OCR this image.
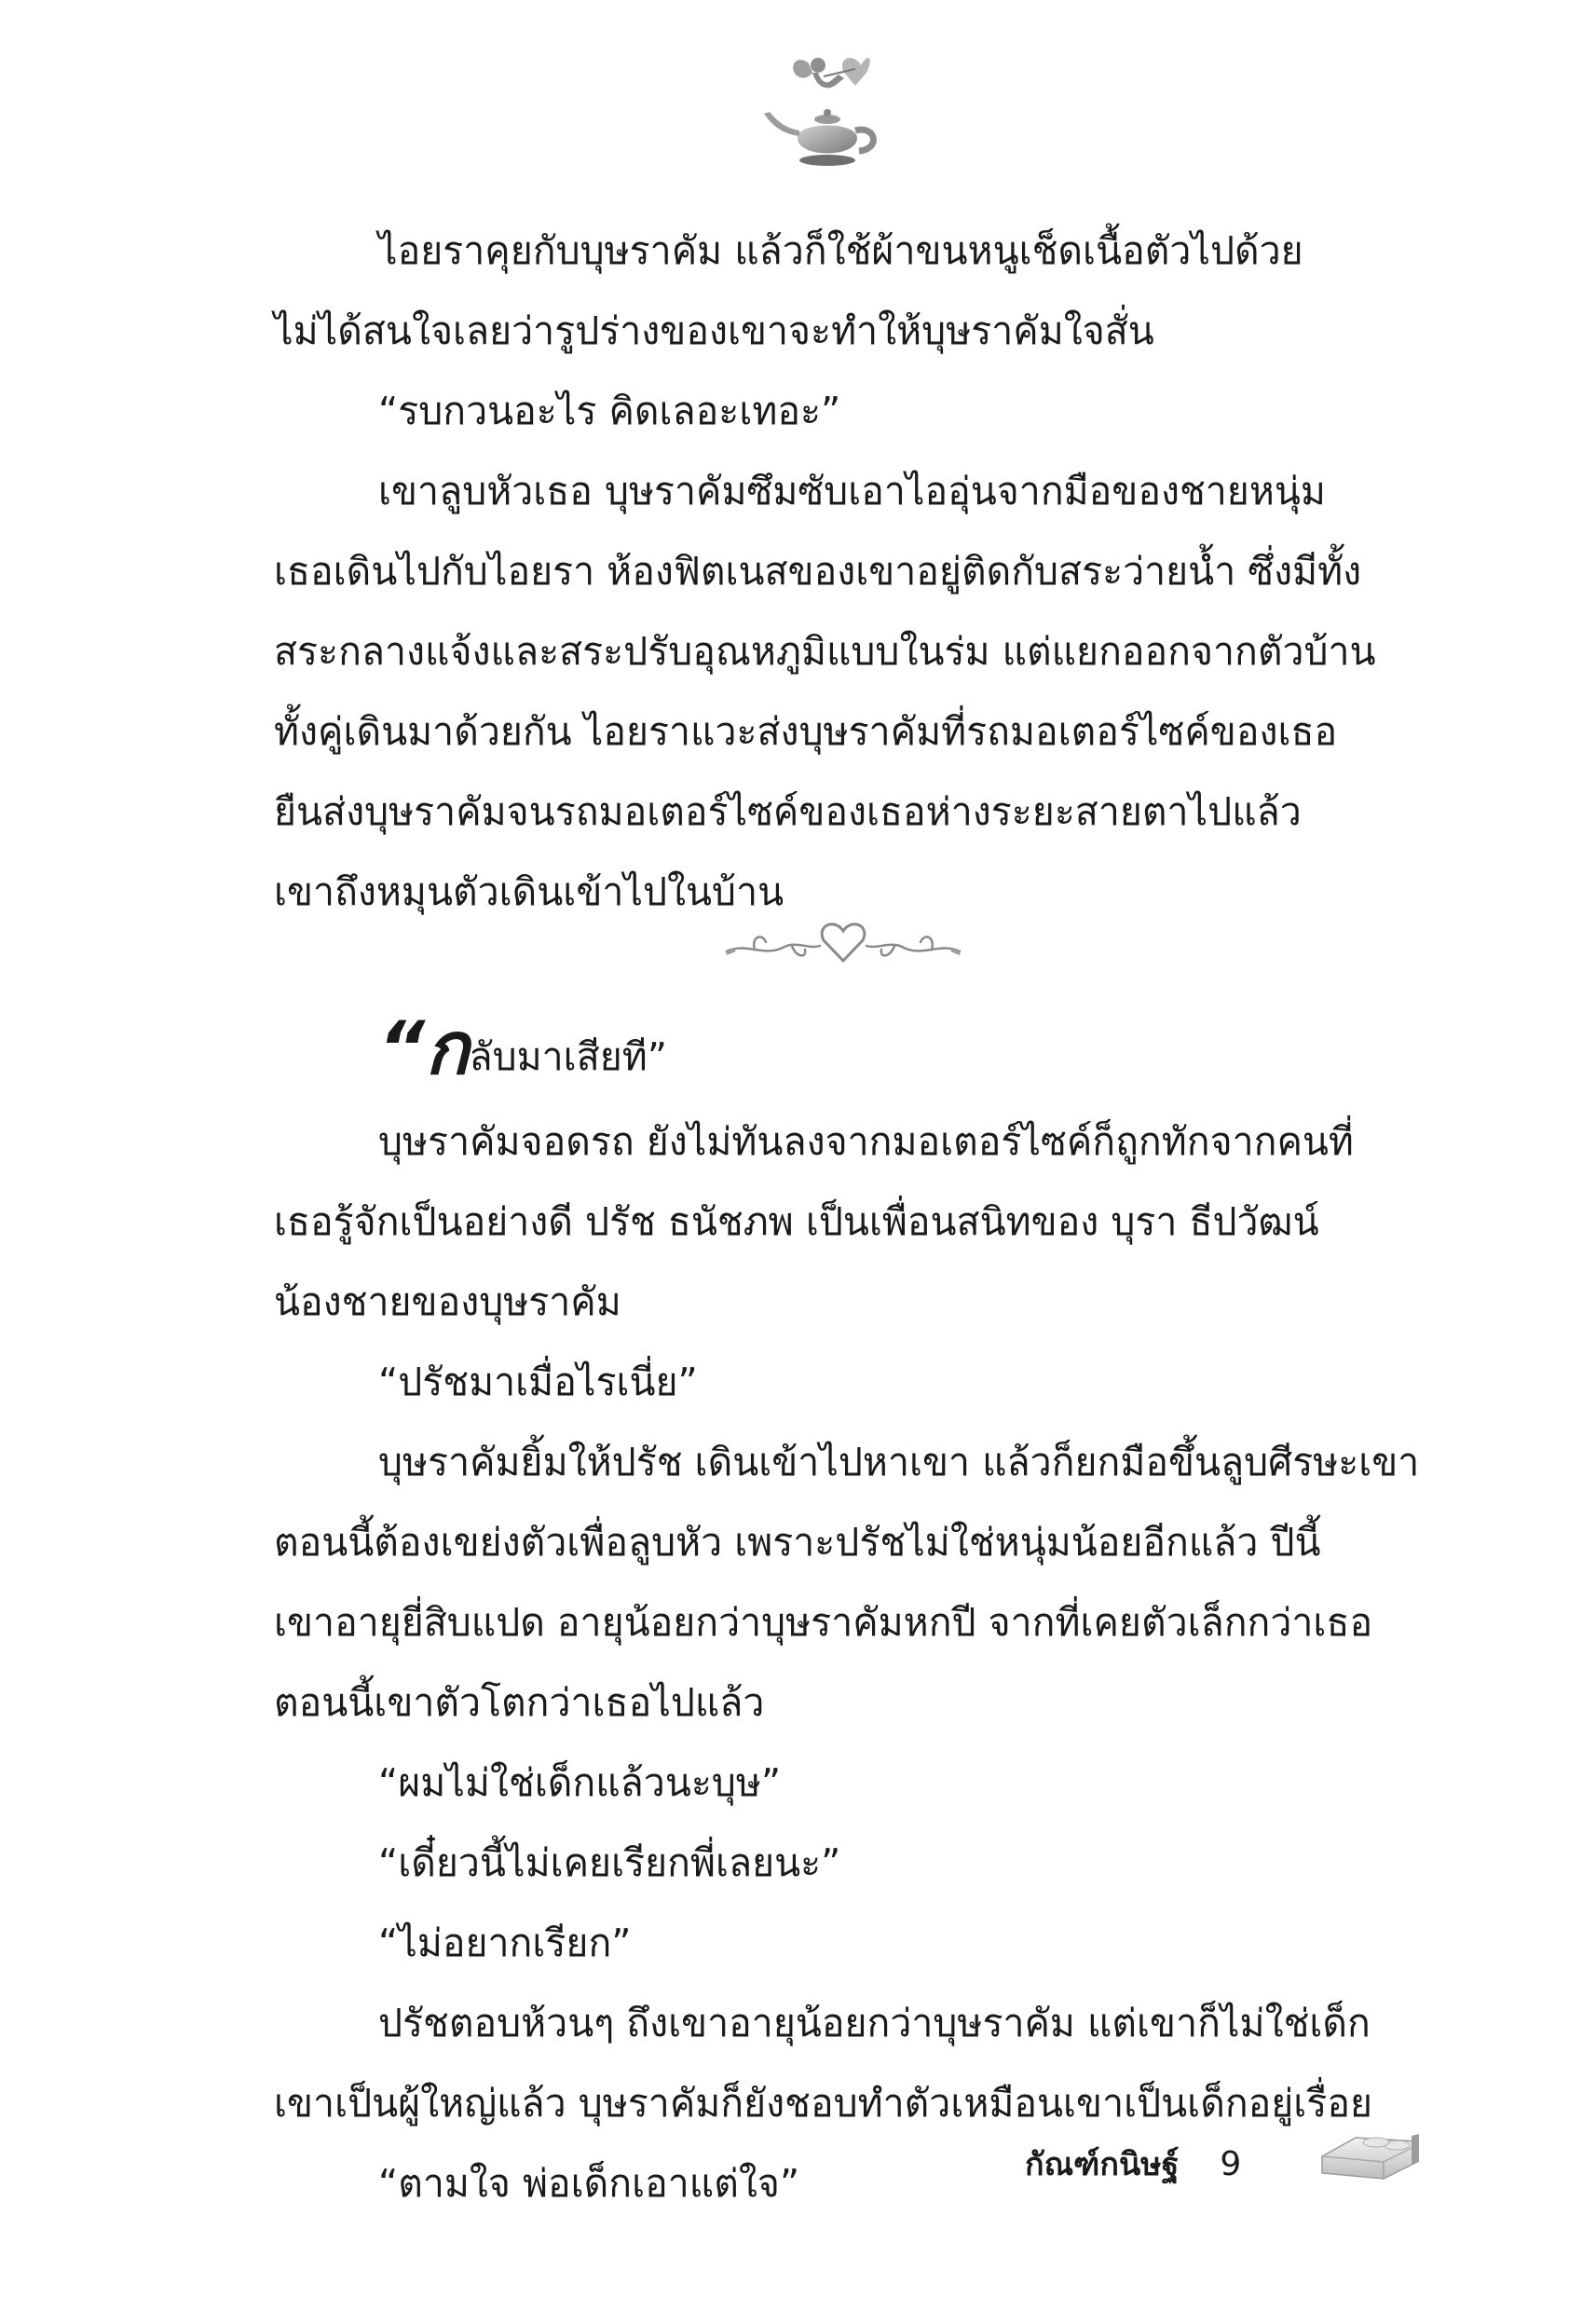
ไอยราคุยกับบุษราคัม แล้วก็ใช้ผ้าขนหนูเช็ดเนื้อตัวไปด้วย

ไม่ได้สนใจเลยว่ารูปร่างของเขาจะทำให้บุษราคัมใจสั่น

“รบกวนอะไร คิดเลอะเทอะ”

เขาลูบหัวเธอ บุษราคัมซึมซับเอาไออุ่นจากมือของชายหนุ่ม

เธอเดินไปกับไอยรา ห้องฟิตเนสของเขาอยู่ติดกับสระว่ายน้ำ ซึ่งมีทั้ง

สระกลางแจ้งและสระปรับอุณหภูมิแบบในร่ม แต่แยกออกจากตัวบ้าน

ทั้งคู่เดินมาด้วยกัน ไอยราแวะส่งบุษราคัมที่รถมอเตอร์ไซค์ของเธอ

ยืนส่งบุษราคัมจนรถมอเตอร์ไซค์ของเธอห่างระยะสายตาไปแล้ว

เขาถึงหมุนตัวเดินเข้าไปในบ้าน

“กลับมาเสียที”

บุษราคัมจอดรถ ยังไม่ทันลงจากมอเตอร์ไซค์ก็ถูกทักจากคนที่

เธอรู้จักเป็นอย่างดี ปรัช ธนัชภพ เป็นเพื่อนสนิทของ บุรา ธีปวัฒน์

น้องชายของบุษราคัม

“ปรัชมาเมื่อไรเนี่ย”

บุษราคัมยิ้มให้ปรัช เดินเข้าไปหาเขา แล้วก็ยกมือขึ้นลูบศีรษะเขา

ตอนนี้ต้องเขย่งตัวเพื่อลูบหัว เพราะปรัชไม่ใช่หนุ่มน้อยอีกแล้ว ปีนี้

เขาอายุยี่สิบแปด อายุน้อยกว่าบุษราคัมหกปี จากที่เคยตัวเล็กกว่าเธอ

ตอนนี้เขาตัวโตกว่าเธอไปแล้ว

“ผมไม่ใช่เด็กแล้วนะบุษ”

“เดี๋ยวนี้ไม่เคยเรียกพี่เลยนะ”

“ไม่อยากเรียก”

ปรัชตอบห้วนๆ ถึงเขาอายุน้อยกว่าบุษราคัม แต่เขาก็ไม่ใช่เด็ก

เขาเป็นผู้ใหญ่แล้ว บุษราคัมก็ยังชอบทำตัวเหมือนเขาเป็นเด็กอยู่เรื่อย

“ตามใจ พ่อเด็กเอาแต่ใจ”	กัณฑ์กนิษฐ์ 9
